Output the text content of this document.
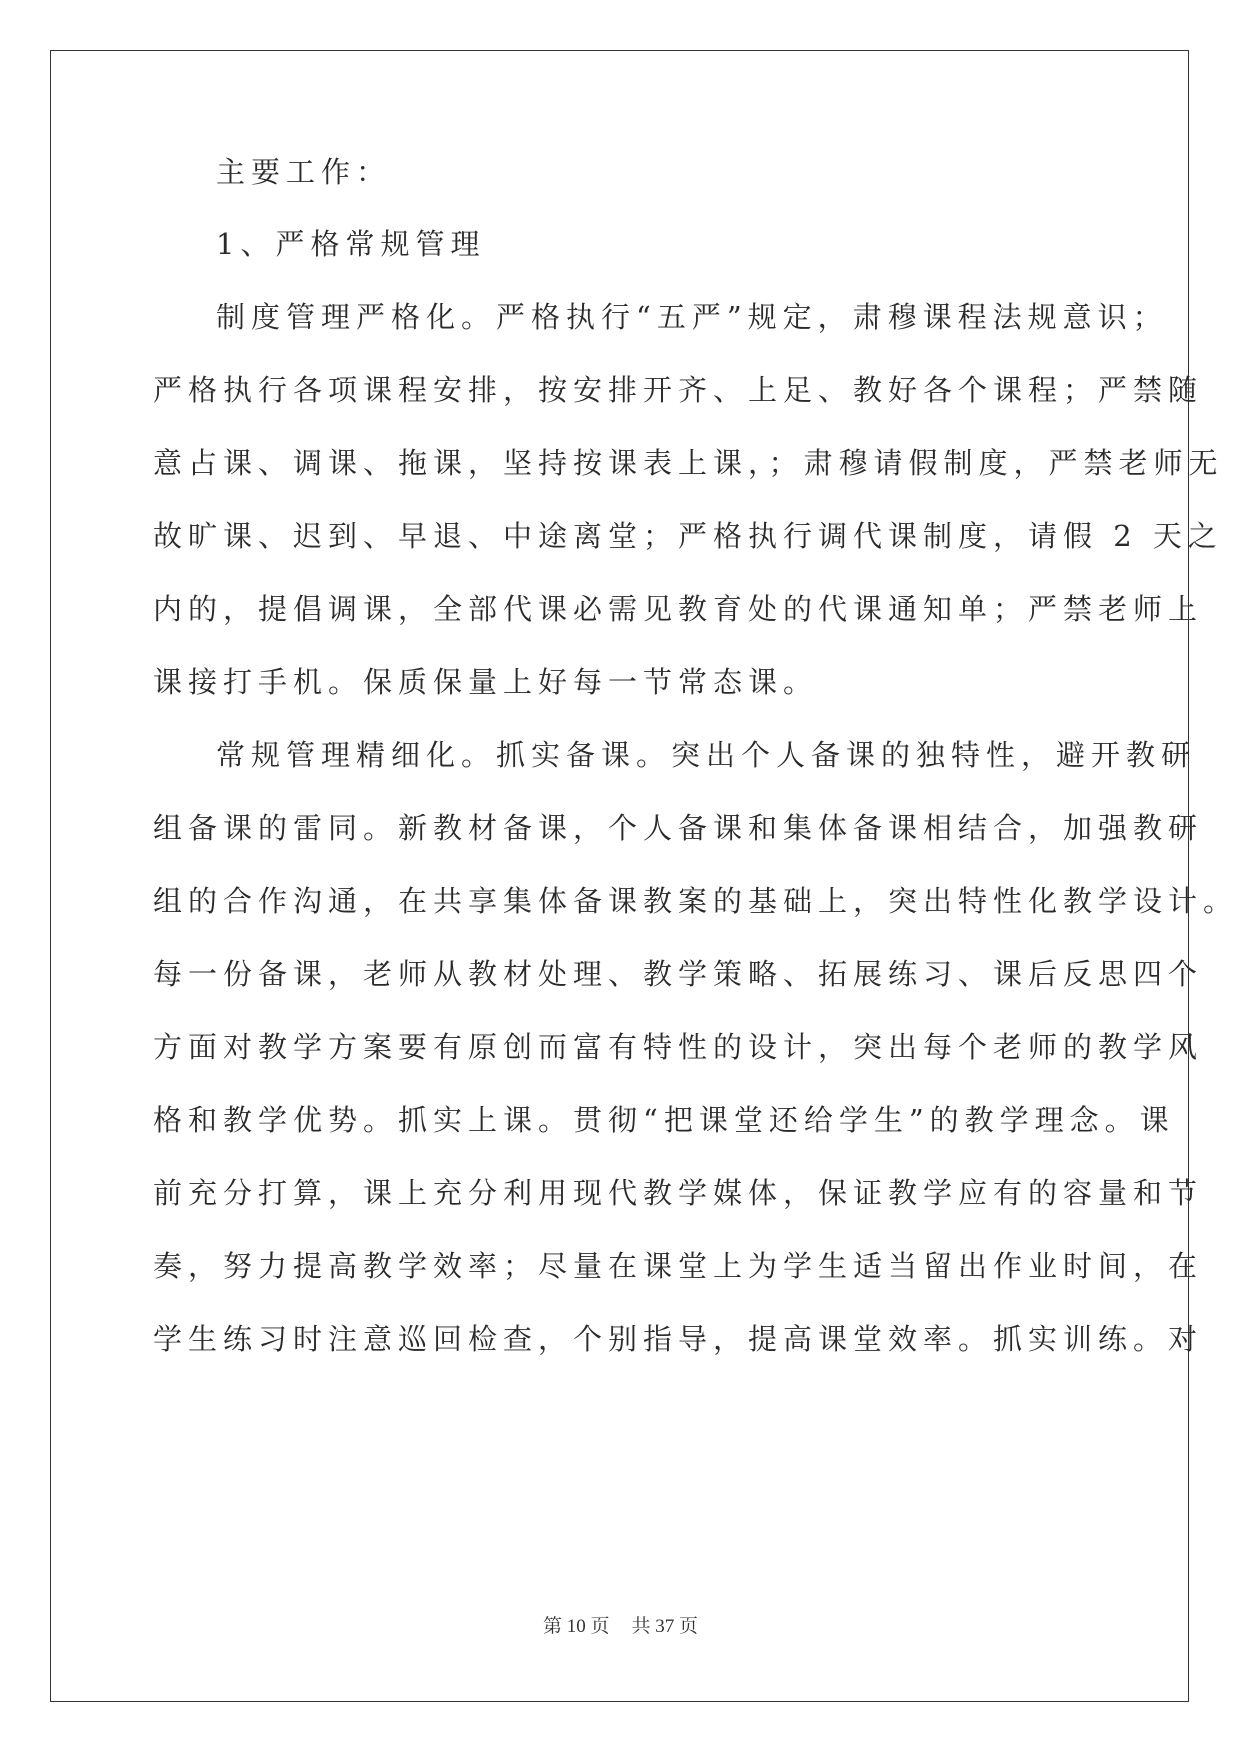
主要工作：
1、严格常规管理
制度管理严格化。严格执行“五严”规定，肃穆课程法规意识；
严格执行各项课程安排，按安排开齐、上足、教好各个课程；严禁随
意占课、调课、拖课，坚持按课表上课，；肃穆请假制度，严禁老师无
故旷课、迟到、早退、中途离堂；严格执行调代课制度，请假 2 天之
内的，提倡调课，全部代课必需见教育处的代课通知单；严禁老师上
课接打手机。保质保量上好每一节常态课。
常规管理精细化。抓实备课。突出个人备课的独特性，避开教研
组备课的雷同。新教材备课，个人备课和集体备课相结合，加强教研
组的合作沟通，在共享集体备课教案的基础上，突出特性化教学设计。
每一份备课，老师从教材处理、教学策略、拓展练习、课后反思四个
方面对教学方案要有原创而富有特性的设计，突出每个老师的教学风
格和教学优势。抓实上课。贯彻“把课堂还给学生”的教学理念。课
前充分打算，课上充分利用现代教学媒体，保证教学应有的容量和节
奏，努力提高教学效率；尽量在课堂上为学生适当留出作业时间，在
学生练习时注意巡回检查，个别指导，提高课堂效率。抓实训练。对
第 10 页 共 37 页
